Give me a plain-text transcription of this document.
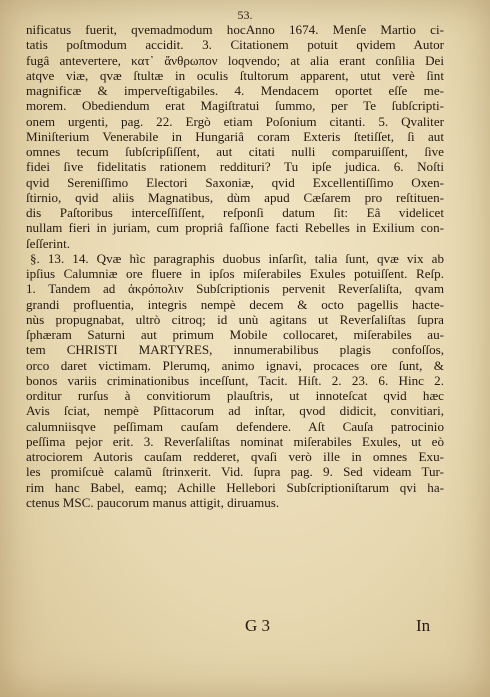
53.
nificatus fuerit, qvemadmodum hocAnno 1674. Menſe Martio ci-
tatis poſtmodum accidit. 3. Citationem potuit qvidem Autor
fugâ antevertere, κατ᾽ ἄνθρωπον loqvendo; at alia erant conſilia Dei
atqve viæ, qvæ ſtultæ in oculis ſtultorum apparent, utut verè ſint
magnificæ & imperveſtigabiles. 4. Mendacem oportet eſſe me-
morem. Obediendum erat Magiſtratui ſummo, per Te ſubſcripti-
onem urgenti, pag. 22. Ergò etiam Poſonium citanti. 5. Qvaliter
Miniſterium Venerabile in Hungariâ coram Exteris ſtetiſſet, ſi aut
omnes tecum ſubſcripſiſſent, aut citati nulli comparuiſſent, ſive
fidei ſive fidelitatis rationem reddituri? Tu ipſe judica. 6. Noſti
qvid Sereniſſimo Electori Saxoniæ, qvid Excellentiſſimo Oxen-
ſtirnio, qvid aliis Magnatibus, dùm apud Cæſarem pro reſtituen-
dis Paſtoribus interceſſiſſent, reſponſi datum ſit: Eâ videlicet
nullam fieri in juriam, cum propriâ faſſione facti Rebelles in Exilium con-
ſeſſerint.
§. 13. 14. Qvæ hìc paragraphis duobus inſarſit, talia ſunt, qvæ vix ab
ipſius Calumniæ ore fluere in ipſos miſerabiles Exules potuiſſent. Reſp.
1. Tandem ad ἀκρόπολιν Subſcriptionis pervenit Reverſaliſta, qvam
grandi profluentia, integris nempè decem & octo pagellis hacte-
nùs propugnabat, ultrò citroq; id unù agitans ut Reverſaliſtas ſupra
ſphæram Saturni aut primum Mobile collocaret, miſerabiles au-
tem CHRISTI MARTYRES, innumerabilibus plagis confoſſos,
orco daret victimam. Plerumq, animo ignavi, procaces ore ſunt, &
bonos variis criminationibus inceſſunt, Tacit. Hiſt. 2. 23. 6. Hinc 2.
orditur rurſus à convitiorum plauſtris, ut innoteſcat qvid hæc
Avis ſciat, nempè Pſittacorum ad inſtar, qvod didicit, convitiari,
calumniisqve peſſimam cauſam defendere. Aſt Cauſa patrocinio
peſſima pejor erit. 3. Reverſaliſtas nominat miſerabiles Exules, ut eò
atrociorem Autoris cauſam redderet, qvaſi verò ille in omnes Exu-
les promiſcuè calamũ ſtrinxerit. Vid. ſupra pag. 9. Sed videam Tur-
rim hanc Babel, eamq; Achille Hellebori Subſcriptioniſtarum qvi ha-
ctenus MSC. paucorum manus attigit, diruamus.
G 3	In
